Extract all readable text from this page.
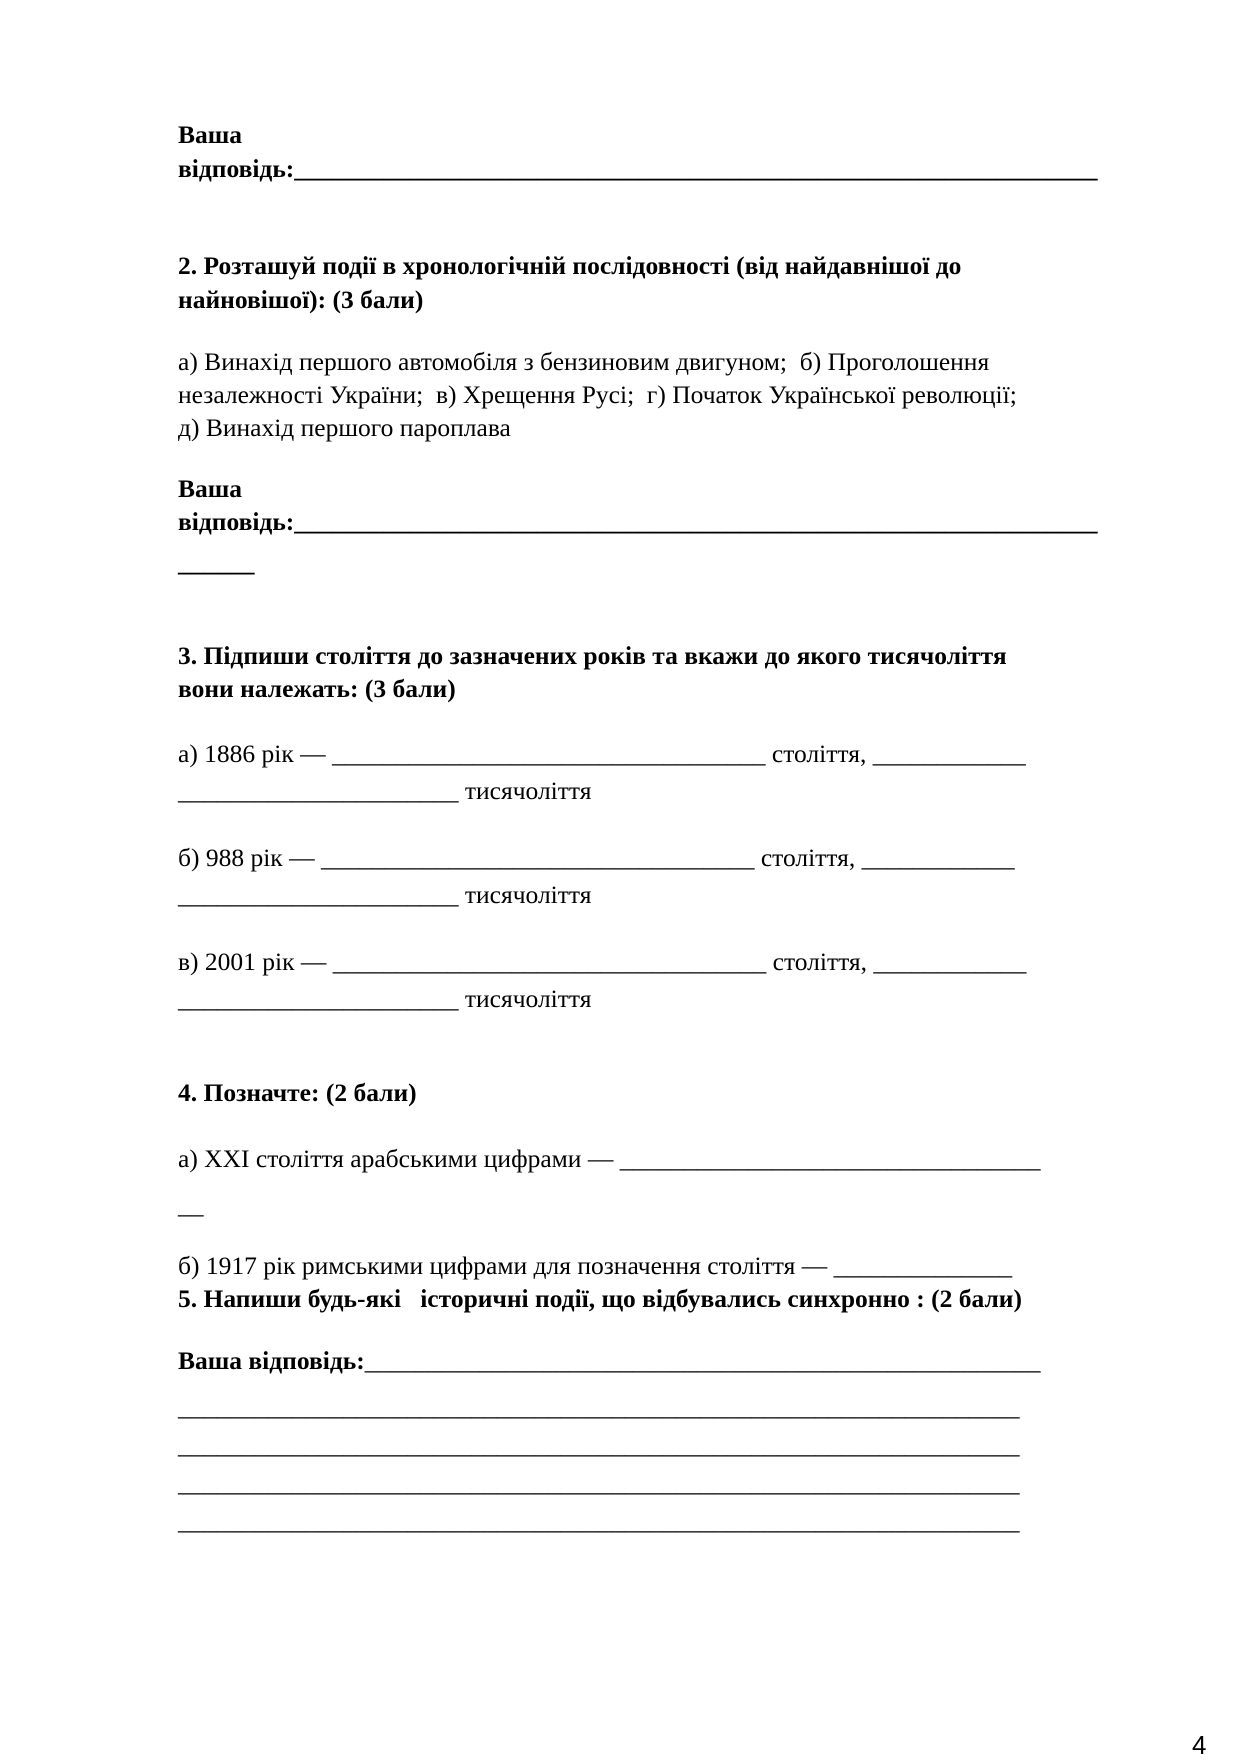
Ваша
відповідь:_______________________________________________________________
2. Розташуй події в хронологічній послідовності (від найдавнішої до
найновішої): (3 бали)
а) Винахід першого автомобіля з бензиновим двигуном;  б) Проголошення
незалежності України;  в) Хрещення Русі;  г) Початок Української революції;
д) Винахід першого пароплава
Ваша
відповідь:_______________________________________________________________
______
3. Підпиши століття до зазначених років та вкажи до якого тисячоліття
вони належать: (3 бали)
а) 1886 рік — __________________________________ століття, ____________
______________________ тисячоліття
б) 988 рік — __________________________________ століття, ____________
______________________ тисячоліття
в) 2001 рік — __________________________________ століття, ____________
______________________ тисячоліття
4. Позначте: (2 бали)
а) XXI століття арабськими цифрами — _________________________________
__
б) 1917 рік римськими цифрами для позначення століття — ______________
5. Напиши будь-які   історичні події, що відбувались синхронно : (2 бали)
Ваша відповідь:_____________________________________________________
__________________________________________________________________
__________________________________________________________________
__________________________________________________________________
__________________________________________________________________
4
